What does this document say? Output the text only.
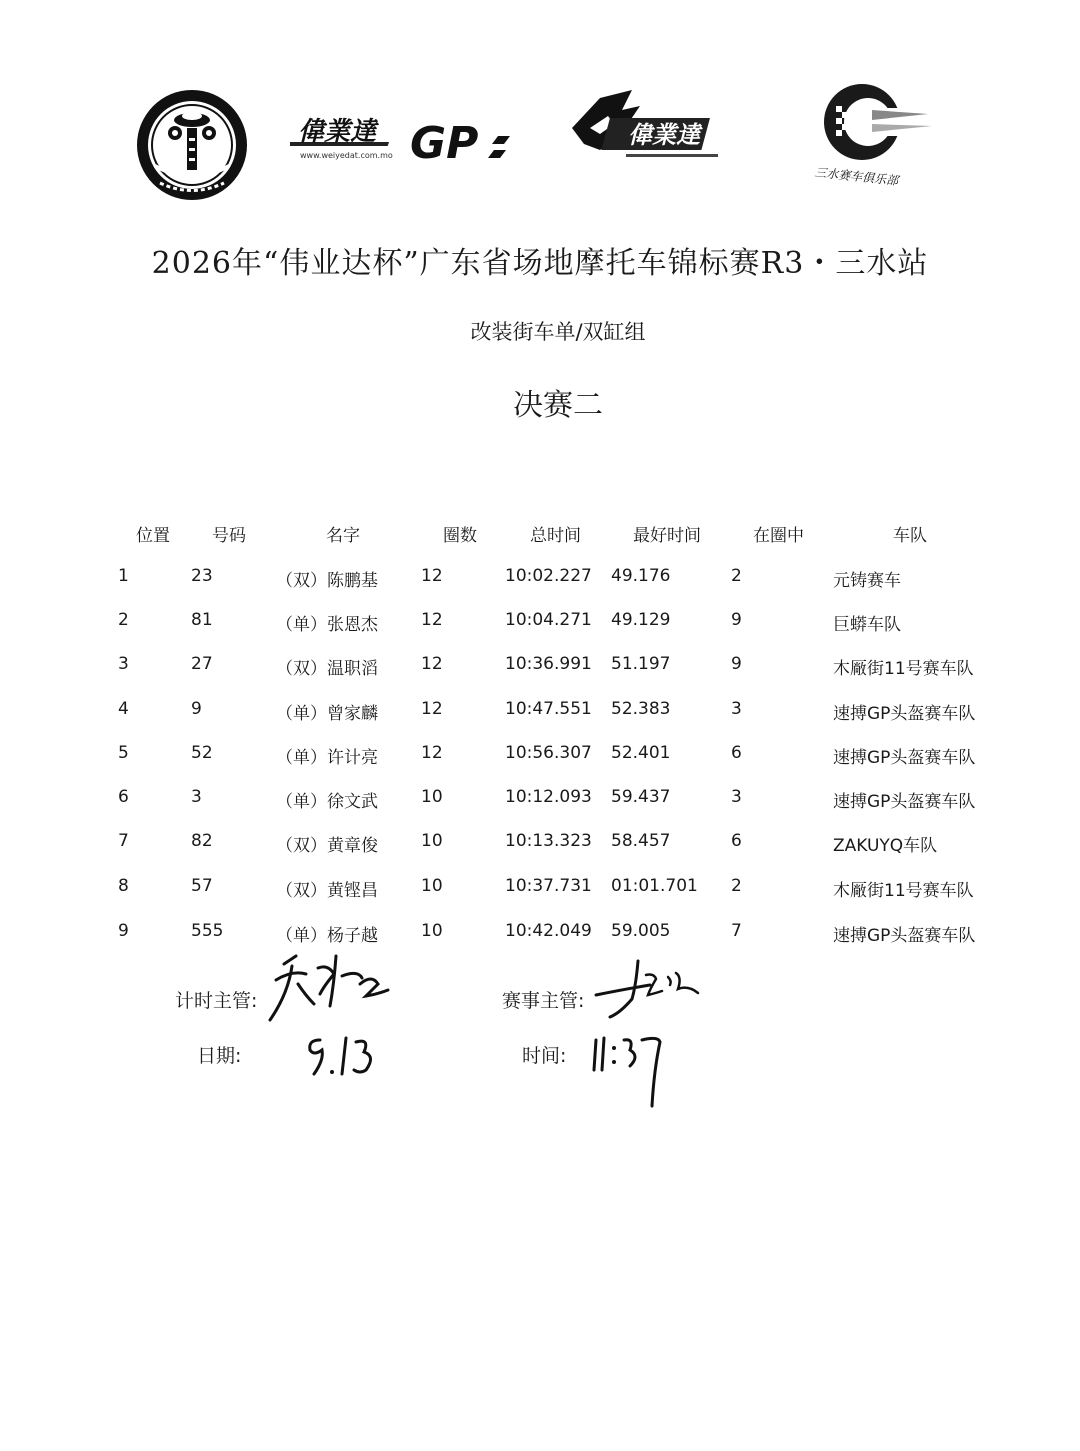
偉業達
www.weiyedat.com.mo GP	偉業達
三水赛车俱乐部
2026年“伟业达杯”广东省场地摩托车锦标赛R3・三水站
改装街车单/双缸组
决赛二
位置 号码	名字	圈数	总时间	最好时间	在圈中	车队
1	23	（双）陈鹏基	12	10:02.227 49.176	2	元铸赛车
2	81	（单）张恩杰	12	10:04.271 49.129	9	巨蟒车队
3	27	（双）温职滔	12	10:36.991 51.197	9	木厰街11号赛车队
4	9	（单）曾家麟	12	10:47.551 52.383	3	速搏GP头盔赛车队
5	52	（单）许计亮	12	10:56.307 52.401	6	速搏GP头盔赛车队
6	3	（单）徐文武	10	10:12.093 59.437	3	速搏GP头盔赛车队
7	82	（双）黄章俊	10	10:13.323 58.457	6	ZAKUYQ车队
8	57	（双）黄铿昌	10	10:37.731 01:01.701 2	木厰街11号赛车队
9	555	（单）杨子越	10	10:42.049 59.005	7	速搏GP头盔赛车队
计时主管:	赛事主管:
日期:	时间:
